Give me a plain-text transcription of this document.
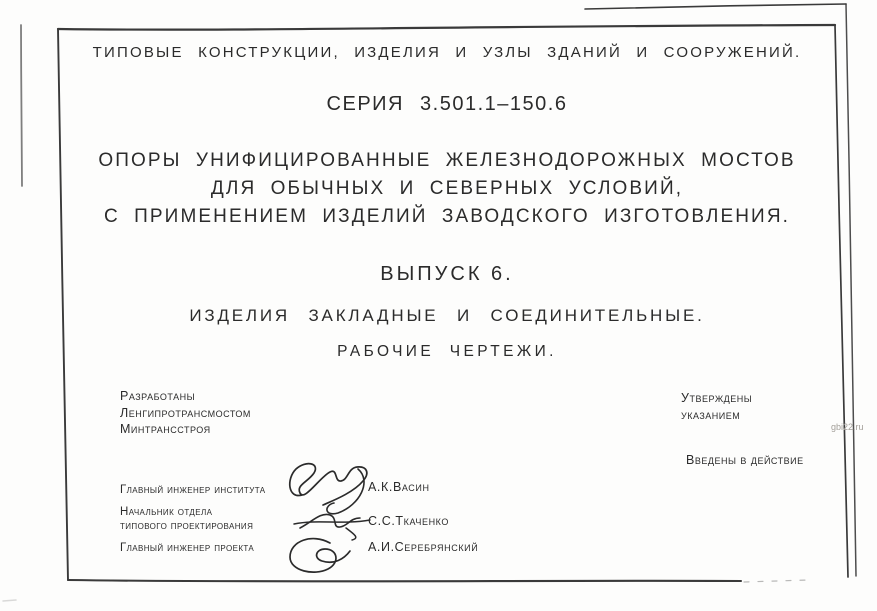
ТИПОВЫЕ КОНСТРУКЦИИ, ИЗДЕЛИЯ И УЗЛЫ ЗДАНИЙ И СООРУЖЕНИЙ.
СЕРИЯ 3.501.1–150.6
ОПОРЫ УНИФИЦИРОВАННЫЕ ЖЕЛЕЗНОДОРОЖНЫХ МОСТОВ
ДЛЯ ОБЫЧНЫХ И СЕВЕРНЫХ УСЛОВИЙ,
С ПРИМЕНЕНИЕМ ИЗДЕЛИЙ ЗАВОДСКОГО ИЗГОТОВЛЕНИЯ.
ВЫПУСК 6.
ИЗДЕЛИЯ ЗАКЛАДНЫЕ И СОЕДИНИТЕЛЬНЫЕ.
РАБОЧИЕ ЧЕРТЕЖИ.
Разработаны
Ленгипротрансмостом
Минтрансстроя
Утверждены
указанием
Введены в действие
Главный инженер института	А.К.Васин
Начальник отдела
типового проектирования	С.С.Ткаченко
Главный инженер проекта	А.И.Серебрянский
gbi22.ru
